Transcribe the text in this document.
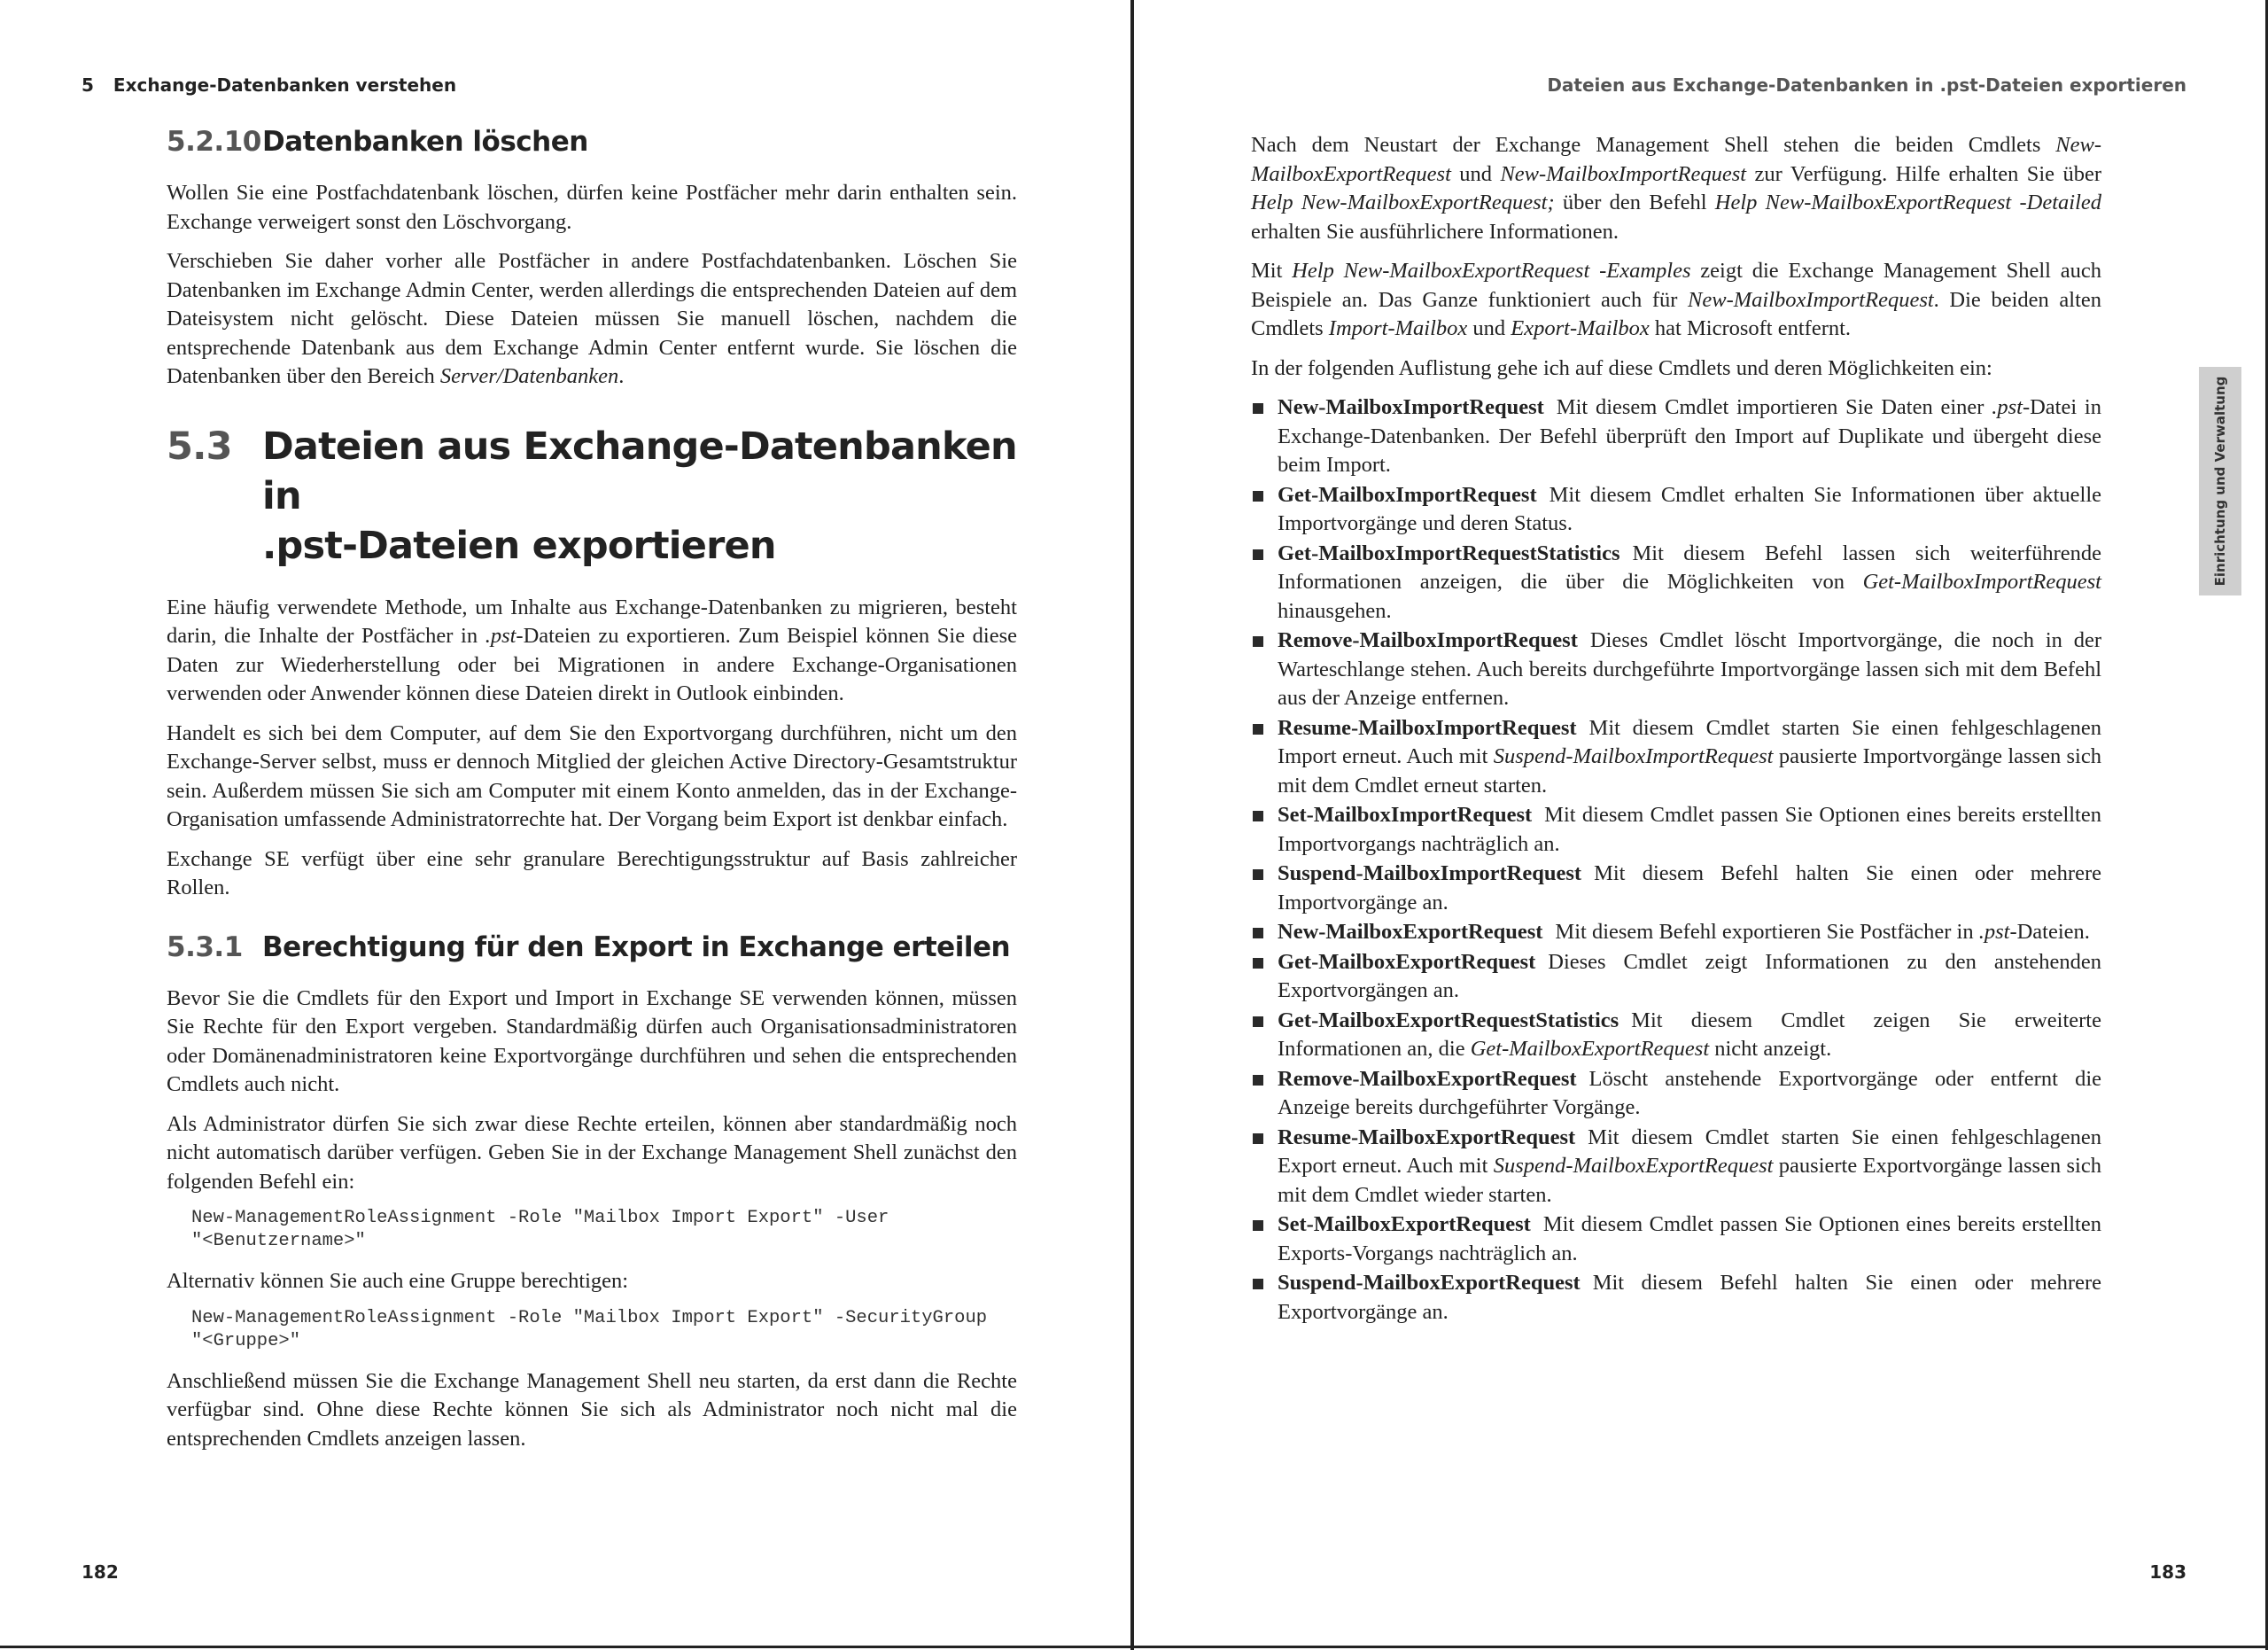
5 Exchange-Datenbanken verstehen
5.2.10 Datenbanken löschen

Wollen Sie eine Postfachdatenbank löschen, dürfen keine Postfächer mehr darin enthalten sein. Exchange verweigert sonst den Löschvorgang.

Verschieben Sie daher vorher alle Postfächer in andere Postfachdatenbanken. Löschen Sie Datenbanken im Exchange Admin Center, werden allerdings die entsprechenden Dateien auf dem Dateisystem nicht gelöscht. Diese Dateien müssen Sie manuell löschen, nachdem die entsprechende Datenbank aus dem Exchange Admin Center entfernt wurde. Sie löschen die Datenbanken über den Bereich Server/Datenbanken.

5.3 Dateien aus Exchange-Datenbanken in
.pst-Dateien exportieren

Eine häufig verwendete Methode, um Inhalte aus Exchange-Datenbanken zu migrieren, besteht darin, die Inhalte der Postfächer in .pst-Dateien zu exportieren. Zum Beispiel können Sie diese Daten zur Wiederherstellung oder bei Migrationen in andere Exchange-Organisationen verwenden oder Anwender können diese Dateien direkt in Outlook einbinden.

Handelt es sich bei dem Computer, auf dem Sie den Exportvorgang durchführen, nicht um den Exchange-Server selbst, muss er dennoch Mitglied der gleichen Active Directory-Gesamtstruktur sein. Außerdem müssen Sie sich am Computer mit einem Konto anmelden, das in der Exchange-Organisation umfassende Administratorrechte hat. Der Vorgang beim Export ist denkbar einfach.

Exchange SE verfügt über eine sehr granulare Berechtigungsstruktur auf Basis zahlreicher Rollen.

5.3.1 Berechtigung für den Export in Exchange erteilen

Bevor Sie die Cmdlets für den Export und Import in Exchange SE verwenden können, müssen Sie Rechte für den Export vergeben. Standardmäßig dürfen auch Organisationsadministratoren oder Domänenadministratoren keine Exportvorgänge durchführen und sehen die entsprechenden Cmdlets auch nicht.

Als Administrator dürfen Sie sich zwar diese Rechte erteilen, können aber standardmäßig noch nicht automatisch darüber verfügen. Geben Sie in der Exchange Management Shell zunächst den folgenden Befehl ein:

New-ManagementRoleAssignment -Role "Mailbox Import Export" -User
"<Benutzername>"

Alternativ können Sie auch eine Gruppe berechtigen:

New-ManagementRoleAssignment -Role "Mailbox Import Export" -SecurityGroup
"<Gruppe>"

Anschließend müssen Sie die Exchange Management Shell neu starten, da erst dann die Rechte verfügbar sind. Ohne diese Rechte können Sie sich als Administrator noch nicht mal die entsprechenden Cmdlets anzeigen lassen.

182
Dateien aus Exchange-Datenbanken in .pst-Dateien exportieren
183

Nach dem Neustart der Exchange Management Shell stehen die beiden Cmdlets New-MailboxExportRequest und New-MailboxImportRequest zur Verfügung. Hilfe erhalten Sie über Help New-MailboxExportRequest; über den Befehl Help New-MailboxExportRequest -Detailed erhalten Sie ausführlichere Informationen.

Mit Help New-MailboxExportRequest -Examples zeigt die Exchange Management Shell auch Beispiele an. Das Ganze funktioniert auch für New-MailboxImportRequest. Die beiden alten Cmdlets Import-Mailbox und Export-Mailbox hat Microsoft entfernt.

In der folgenden Auflistung gehe ich auf diese Cmdlets und deren Möglichkeiten ein:

New-MailboxImportRequest Mit diesem Cmdlet importieren Sie Daten einer .pst-Datei in Exchange-Datenbanken. Der Befehl überprüft den Import auf Duplikate und übergeht diese beim Import.
Get-MailboxImportRequest Mit diesem Cmdlet erhalten Sie Informationen über aktuelle Importvorgänge und deren Status.
Get-MailboxImportRequestStatistics Mit diesem Befehl lassen sich weiterführende Informationen anzeigen, die über die Möglichkeiten von Get-MailboxImportRequest hinausgehen.
Remove-MailboxImportRequest Dieses Cmdlet löscht Importvorgänge, die noch in der Warteschlange stehen. Auch bereits durchgeführte Importvorgänge lassen sich mit dem Befehl aus der Anzeige entfernen.
Resume-MailboxImportRequest Mit diesem Cmdlet starten Sie einen fehlgeschlagenen Import erneut. Auch mit Suspend-MailboxImportRequest pausierte Importvorgänge lassen sich mit dem Cmdlet erneut starten.
Set-MailboxImportRequest Mit diesem Cmdlet passen Sie Optionen eines bereits erstellten Importvorgangs nachträglich an.
Suspend-MailboxImportRequest Mit diesem Befehl halten Sie einen oder mehrere Importvorgänge an.
New-MailboxExportRequest Mit diesem Befehl exportieren Sie Postfächer in .pst-Dateien.
Get-MailboxExportRequest Dieses Cmdlet zeigt Informationen zu den anstehenden Exportvorgängen an.
Get-MailboxExportRequestStatistics Mit diesem Cmdlet zeigen Sie erweiterte Informationen an, die Get-MailboxExportRequest nicht anzeigt.
Remove-MailboxExportRequest Löscht anstehende Exportvorgänge oder entfernt die Anzeige bereits durchgeführter Vorgänge.
Resume-MailboxExportRequest Mit diesem Cmdlet starten Sie einen fehlgeschlagenen Export erneut. Auch mit Suspend-MailboxExportRequest pausierte Exportvorgänge lassen sich mit dem Cmdlet wieder starten.
Set-MailboxExportRequest Mit diesem Cmdlet passen Sie Optionen eines bereits erstellten Exports-Vorgangs nachträglich an.
Suspend-MailboxExportRequest Mit diesem Befehl halten Sie einen oder mehrere Exportvorgänge an.
Einrichtung und Verwaltung
